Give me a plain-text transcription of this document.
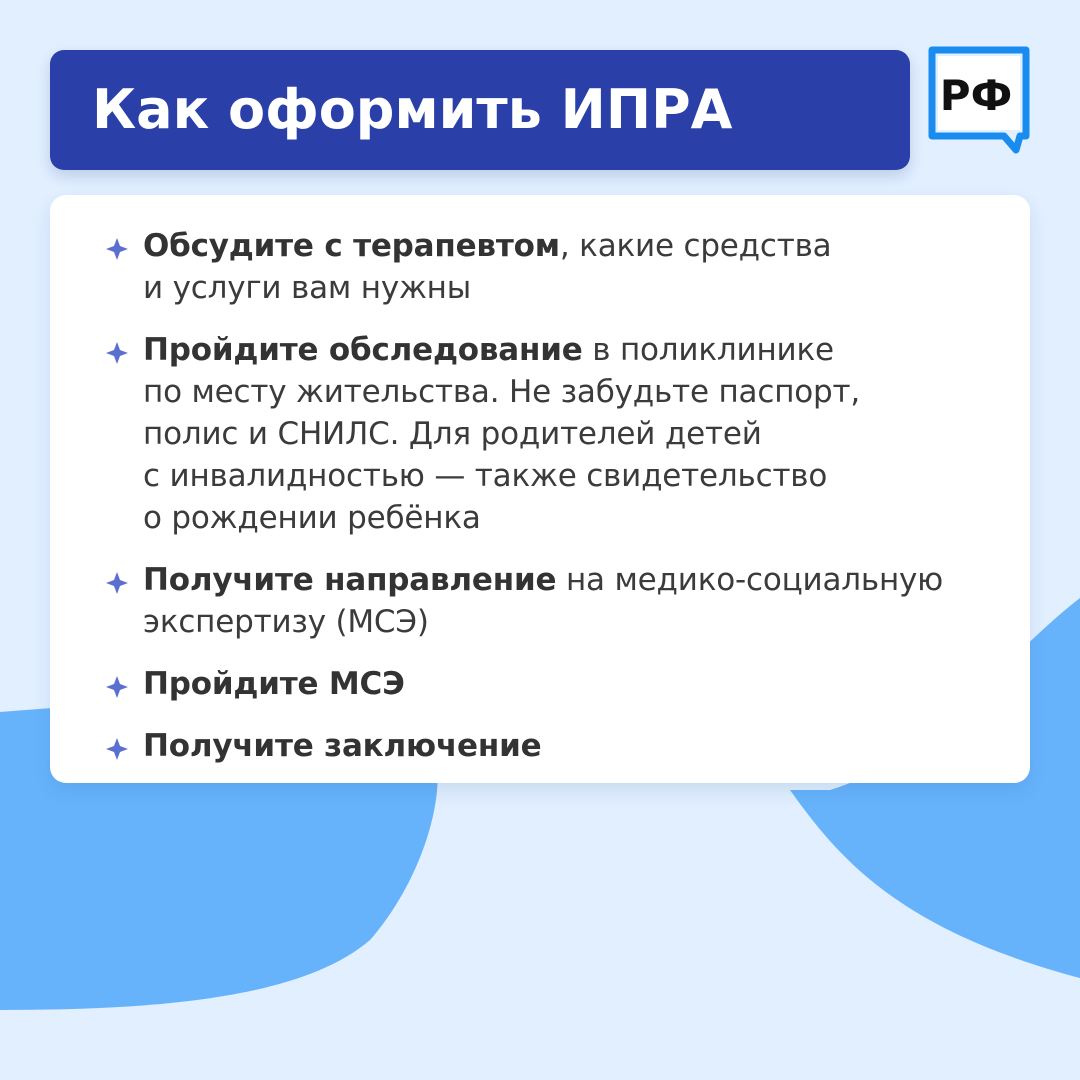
Как оформить ИПРА	РФ
Обсудите с терапевтом, какие средства
и услуги вам нужны
Пройдите обследование в поликлинике
по месту жительства. Не забудьте паспорт,
полис и СНИЛС. Для родителей детей
с инвалидностью — также свидетельство
о рождении ребёнка
Получите направление на медико-социальную
экспертизу (МСЭ)
Пройдите МСЭ
Получите заключение
